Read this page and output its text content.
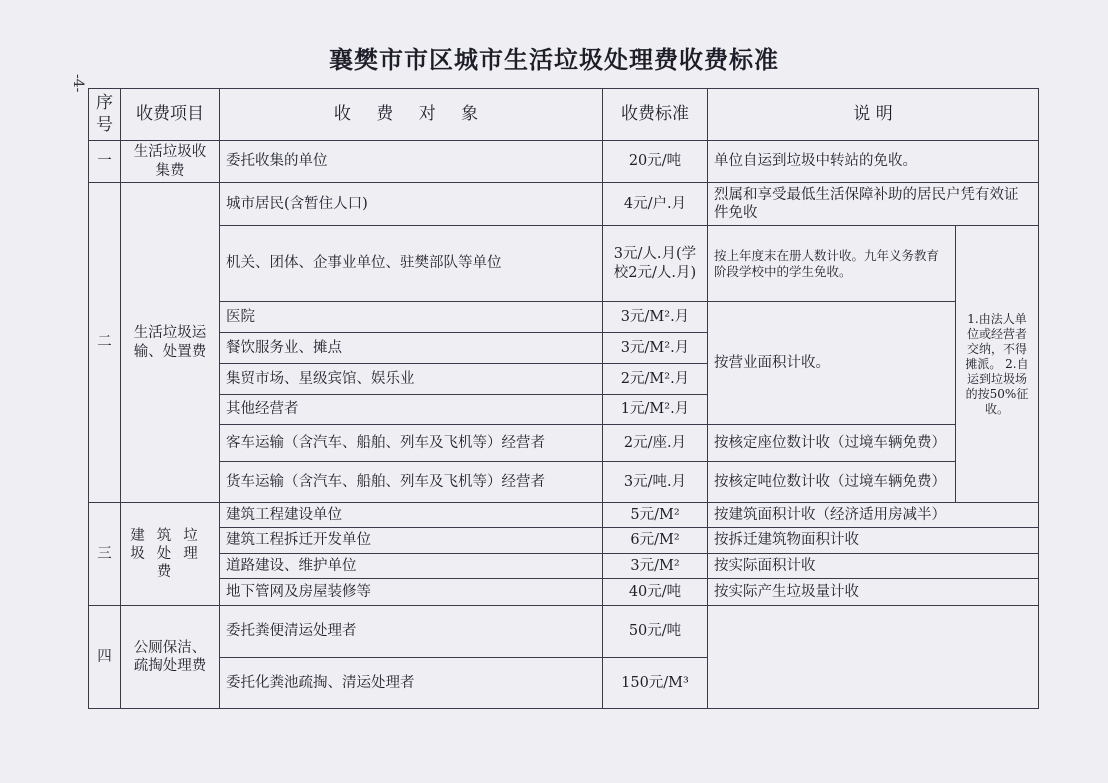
-4-
襄樊市市区城市生活垃圾处理费收费标准
序号	收费项目	收 费 对 象	收费标准	说 明	
一	生活垃圾收集费	委托收集的单位	20元/吨	单位自运到垃圾中转站的免收。	
二	生活垃圾运输、处置费	城市居民(含暂住人口)	4元/户.月	烈属和享受最低生活保障补助的居民户凭有效证件免收	
		机关、团体、企事业单位、驻樊部队等单位	3元/人.月(学校2元/人.月)	按上年度末在册人数计收。九年义务教育阶段学校中的学生免收。	1.由法人单位或经营者交纳，不得摊派。 2.自运到垃圾场的按50%征收。
		医院	3元/M².月	按营业面积计收。	
		餐饮服务业、摊点	3元/M².月		
		集贸市场、星级宾馆、娱乐业	2元/M².月		
		其他经营者	1元/M².月		
		客车运输（含汽车、船舶、列车及飞机等）经营者	2元/座.月	按核定座位数计收（过境车辆免费）	
		货车运输（含汽车、船舶、列车及飞机等）经营者	3元/吨.月	按核定吨位数计收（过境车辆免费）	
三	建筑垃圾处理费	建筑工程建设单位	5元/M²	按建筑面积计收（经济适用房减半）	
		建筑工程拆迁开发单位	6元/M²	按拆迁建筑物面积计收	
		道路建设、维护单位	3元/M²	按实际面积计收	
		地下管网及房屋装修等	40元/吨	按实际产生垃圾量计收	
四	公厕保洁、疏掏处理费	委托粪便清运处理者	50元/吨		
		委托化粪池疏掏、清运处理者	150元/M³		
